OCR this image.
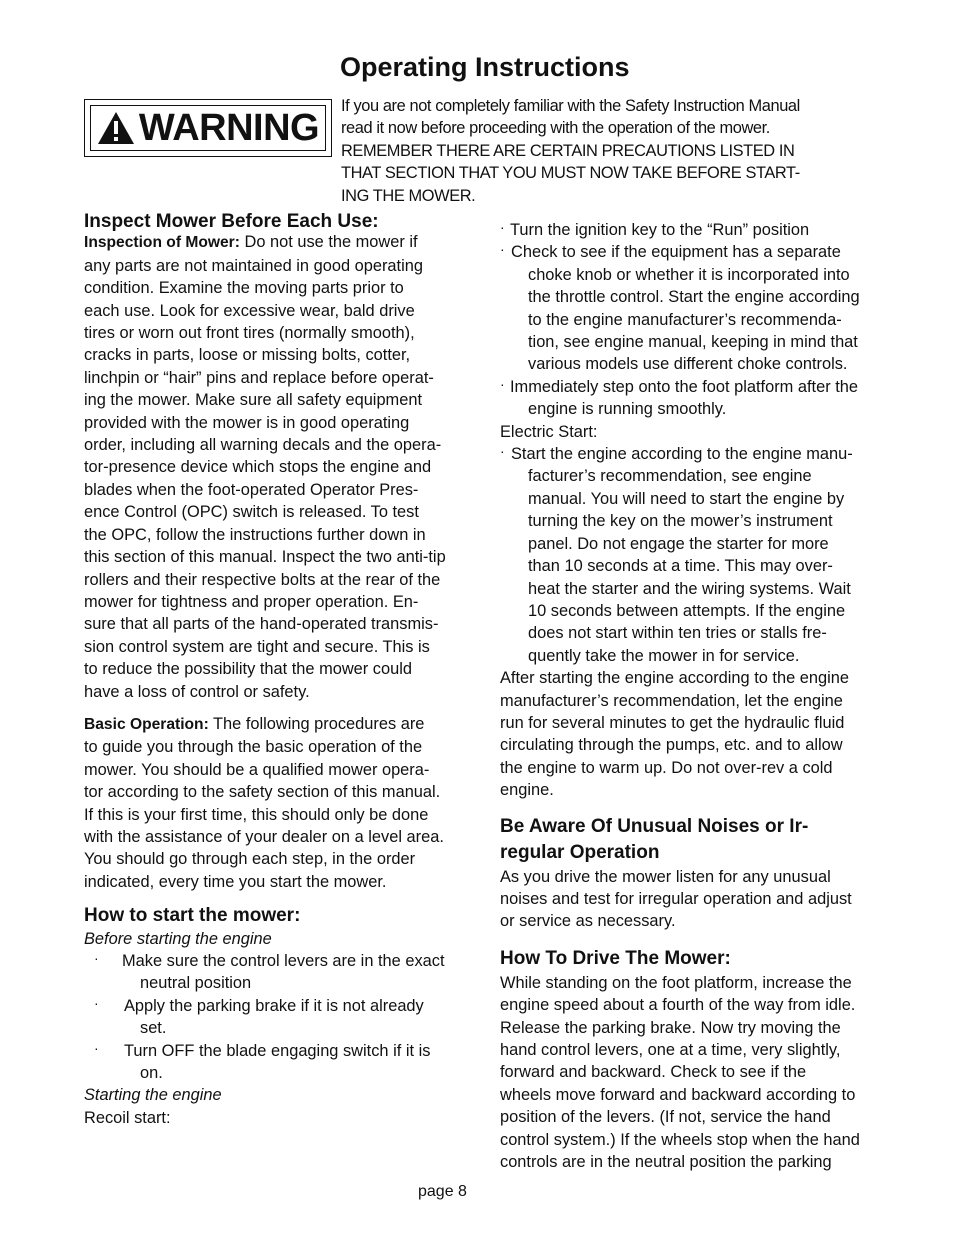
Operating Instructions
WARNING
If you are not completely familiar with the Safety Instruction Manual
read it now before proceeding with the operation of the mower.
REMEMBER THERE ARE CERTAIN PRECAUTIONS LISTED IN
THAT SECTION THAT YOU MUST NOW TAKE BEFORE START-
ING THE MOWER.
Inspect Mower Before Each Use:
Inspection of Mower: Do not use the mower if
any parts are not maintained in good operating
condition. Examine the moving parts prior to
each use. Look for excessive wear, bald drive
tires or worn out front tires (normally smooth),
cracks in parts, loose or missing bolts, cotter,
linchpin or “hair” pins and replace before operat-
ing the mower. Make sure all safety equipment
provided with the mower is in good operating
order, including all warning decals and the opera-
tor-presence device which stops the engine and
blades when the foot-operated Operator Pres-
ence Control (OPC) switch is released. To test
the OPC, follow the instructions further down in
this section of this manual. Inspect the two anti-tip
rollers and their respective bolts at the rear of the
mower for tightness and proper operation. En-
sure that all parts of the hand-operated transmis-
sion control system are tight and secure. This is
to reduce the possibility that the mower could
have a loss of control or safety.
Basic Operation: The following procedures are
to guide you through the basic operation of the
mower. You should be a qualified mower opera-
tor according to the safety section of this manual.
If this is your first time, this should only be done
with the assistance of your dealer on a level area.
You should go through each step, in the order
indicated, every time you start the mower.
How to start the mower:
Before starting the engine
· Make sure the control levers are in the exact
neutral position
· Apply the parking brake if it is not already
set.
· Turn OFF the blade engaging switch if it is
on.
Starting the engine
Recoil start:
· Turn the ignition key to the “Run” position
· Check to see if the equipment has a separate
choke knob or whether it is incorporated into
the throttle control. Start the engine according
to the engine manufacturer’s recommenda-
tion, see engine manual, keeping in mind that
various models use different choke controls.
· Immediately step onto the foot platform after the
engine is running smoothly.
Electric Start:
· Start the engine according to the engine manu-
facturer’s recommendation, see engine
manual. You will need to start the engine by
turning the key on the mower’s instrument
panel. Do not engage the starter for more
than 10 seconds at a time. This may over-
heat the starter and the wiring systems. Wait
10 seconds between attempts. If the engine
does not start within ten tries or stalls fre-
quently take the mower in for service.
After starting the engine according to the engine
manufacturer’s recommendation, let the engine
run for several minutes to get the hydraulic fluid
circulating through the pumps, etc. and to allow
the engine to warm up. Do not over-rev a cold
engine.
Be Aware Of Unusual Noises or Ir-
regular Operation
As you drive the mower listen for any unusual
noises and test for irregular operation and adjust
or service as necessary.
How To Drive The Mower:
While standing on the foot platform, increase the
engine speed about a fourth of the way from idle.
Release the parking brake. Now try moving the
hand control levers, one at a time, very slightly,
forward and backward. Check to see if the
wheels move forward and backward according to
position of the levers. (If not, service the hand
control system.) If the wheels stop when the hand
controls are in the neutral position the parking
page 8
